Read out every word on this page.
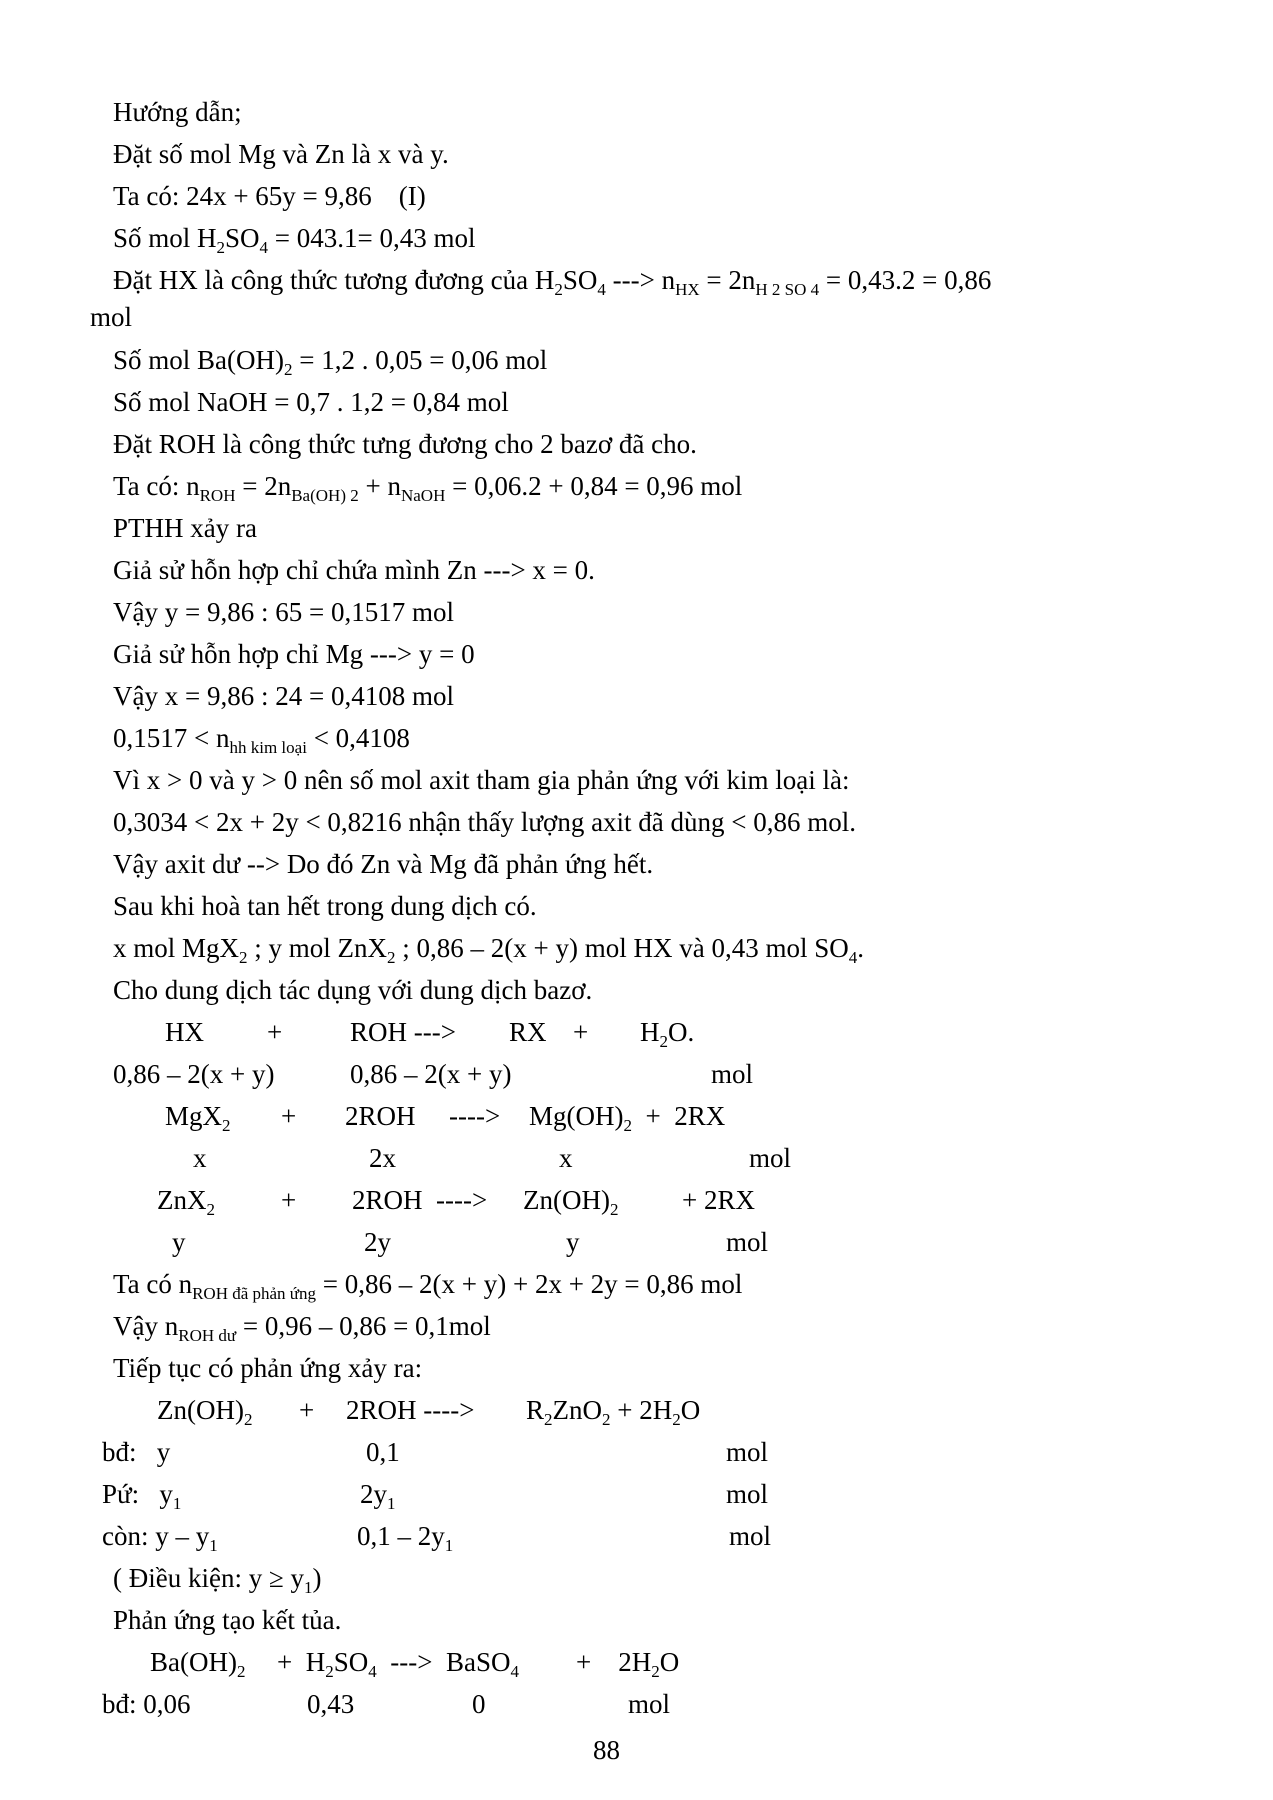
Hướng dẫn;
Đặt số mol Mg và Zn là x và y.
Ta có: 24x + 65y = 9,86    (I)
Số mol $H_2SO_4 = 043.1= 0,43$ mol
Đặt HX là công thức tương đương của $H_2SO_4$ ---> $n_{HX} = 2n_{H 2 SO 4} = 0,43.2 = 0,86$
mol
Số mol $Ba(OH)_2 = 1,2$ . 0,05 = 0,06 mol
Số mol NaOH = 0,7 . 1,2 = 0,84 mol
Đặt ROH là công thức tưng đương cho 2 bazơ đã cho.
Ta có: $n_{ROH} = 2n_{Ba(OH) 2} + n_{NaOH} = 0,06.2 + 0,84 = 0,96$ mol
PTHH xảy ra
Giả sử hỗn hợp chỉ chứa mình Zn ---> x = 0.
Vậy y = 9,86 : 65 = 0,1517 mol
Giả sử hỗn hợp chỉ Mg ---> y = 0
Vậy x = 9,86 : 24 = 0,4108 mol
$0,1517 < n_{hh kim loại} < 0,4108$
Vì x > 0 và y > 0 nên số mol axit tham gia phản ứng với kim loại là:
0,3034 < 2x + 2y < 0,8216 nhận thấy lượng axit đã dùng < 0,86 mol.
Vậy axit dư --> Do đó Zn và Mg đã phản ứng hết.
Sau khi hoà tan hết trong dung dịch có.
x mol MgX$_2$ ; y mol ZnX$_2$ ; 0,86 – 2(x + y) mol HX và 0,43 mol $SO_4$.
Cho dung dịch tác dụng với dung dịch bazơ.
HX +	ROH ---> RX + $H_2O$.
0,86 – 2(x + y)	0,86 – 2(x + y)	mol
MgX$_2$ + 2ROH ----> $Mg(OH)_2 + 2RX$
x	2x	x	mol
ZnX$_2$ + 2ROH  ----> $Zn(OH)_2 + 2RX$
y	2y	y	mol
Ta có $n_{ROH đã phản ứng} = 0,86 - 2(x + y) + 2x + 2y = 0,86$ mol
Vậy $n_{ROH dư} = 0,96 - 0,86 = 0,1mol$
Tiếp tục có phản ứng xảy ra:
$Zn(OH)_2 + 2ROH$ ----> $R_2ZnO_2 + 2H_2O$
bđ:   y	0,1	mol
Pứ:   $y_1$	$2y_1$	mol
còn: y – $y_1$	$0,1 - 2y_1$	mol
( Điều kiện: $y \ge y_1$)
Phản ứng tạo kết tủa.
$Ba(OH)_2 + H_2SO_4$  --->  BaSO$_4$ +    $2H_2O$
bđ: 0,06	0,43	0	mol
88
